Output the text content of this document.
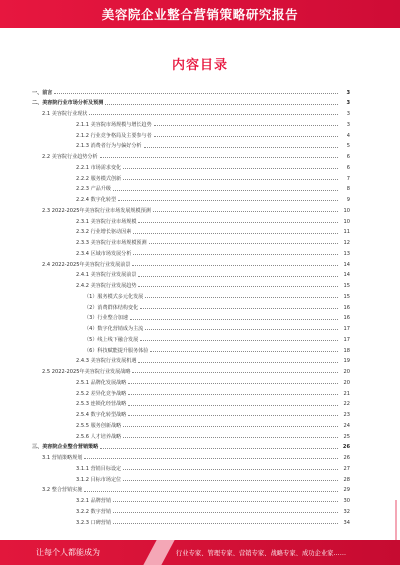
美容院企业整合营销策略研究报告
内容目录
一、前言	3
二、美容院行业市场分析及预测	3
2.1 美容院行业现状	3
2.1.1 美容院市场规模与增长趋势	3
2.1.2 行业竞争格局及主要参与者	4
2.1.3 消费者行为与偏好分析	5
2.2 美容院行业趋势分析	6
2.2.1 市场需求变化	6
2.2.2 服务模式创新	7
2.2.3 产品升级	8
2.2.4 数字化转型	9
2.3 2022-2025年美容院行业市场发展规模预测	10
2.3.1 美容院行业市场规模	10
2.3.2 行业增长驱动因素	11
2.3.3 美容院行业市场规模预测	12
2.3.4 区域市场发展分析	13
2.4 2022-2025年美容院行业发展前景	14
2.4.1 美容院行业发展前景	14
2.4.2 美容院行业发展趋势	15
（1）服务模式多元化发展	15
（2）消费群体结构变化	16
（3）行业整合加速	16
（4）数字化营销成为主流	17
（5）线上线下融合发展	17
（6）科技赋能提升服务体验	18
2.4.3 美容院行业发展机遇	19
2.5 2022-2025年美容院行业发展战略	20
2.5.1 品牌化发展战略	20
2.5.2 差异化竞争战略	21
2.5.3 连锁化经营战略	22
2.5.4 数字化转型战略	23
2.5.5 服务创新战略	24
2.5.6 人才培养战略	25
三、美容院企业整合营销策略	26
3.1 营销策略规划	26
3.1.1 营销目标设定	27
3.1.2 目标市场定位	28
3.2 整合营销实施	29
3.2.1 品牌营销	30
3.2.2 数字营销	32
3.2.3 口碑营销	34
让每个人都能成为	行业专家、管理专家、营销专家、战略专家、成功企业家……
